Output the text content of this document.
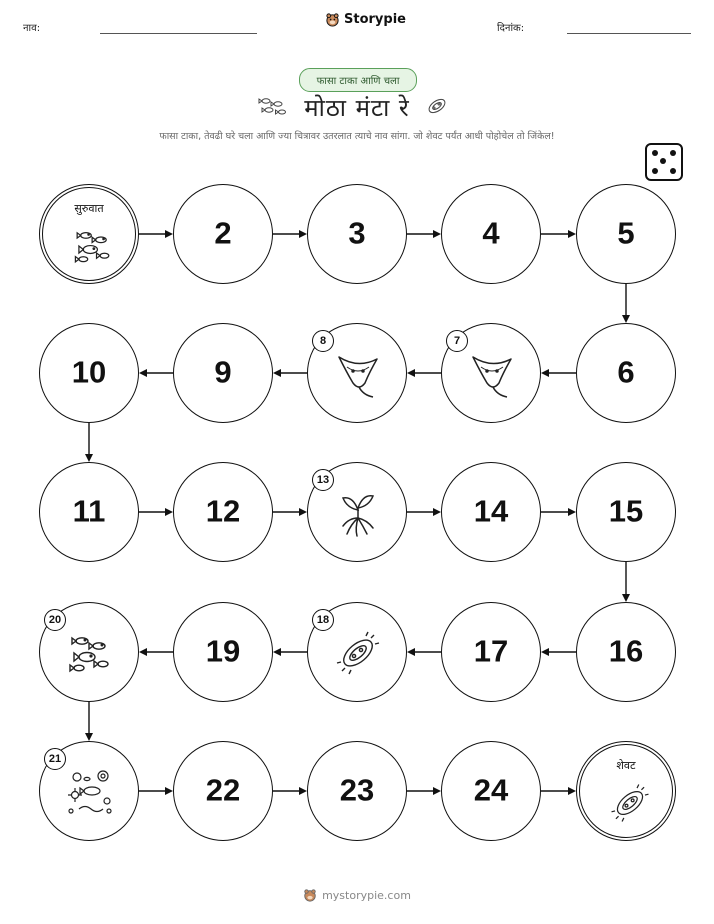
नाव:
Storypie
दिनांक:
फासा टाका आणि चला
मोठा मंटा रे
फासा टाका, तेवढी घरे चला आणि ज्या चित्रावर उतरलात त्याचे नाव सांगा. जो शेवट पर्यंत आधी पोहोचेल तो जिंकेल!
सुरुवात
2	3	4	5
6
7
8
9
10
11	12
13
14	15
16
17
18
19
20
21
22	23	24
शेवट
mystorypie.com
